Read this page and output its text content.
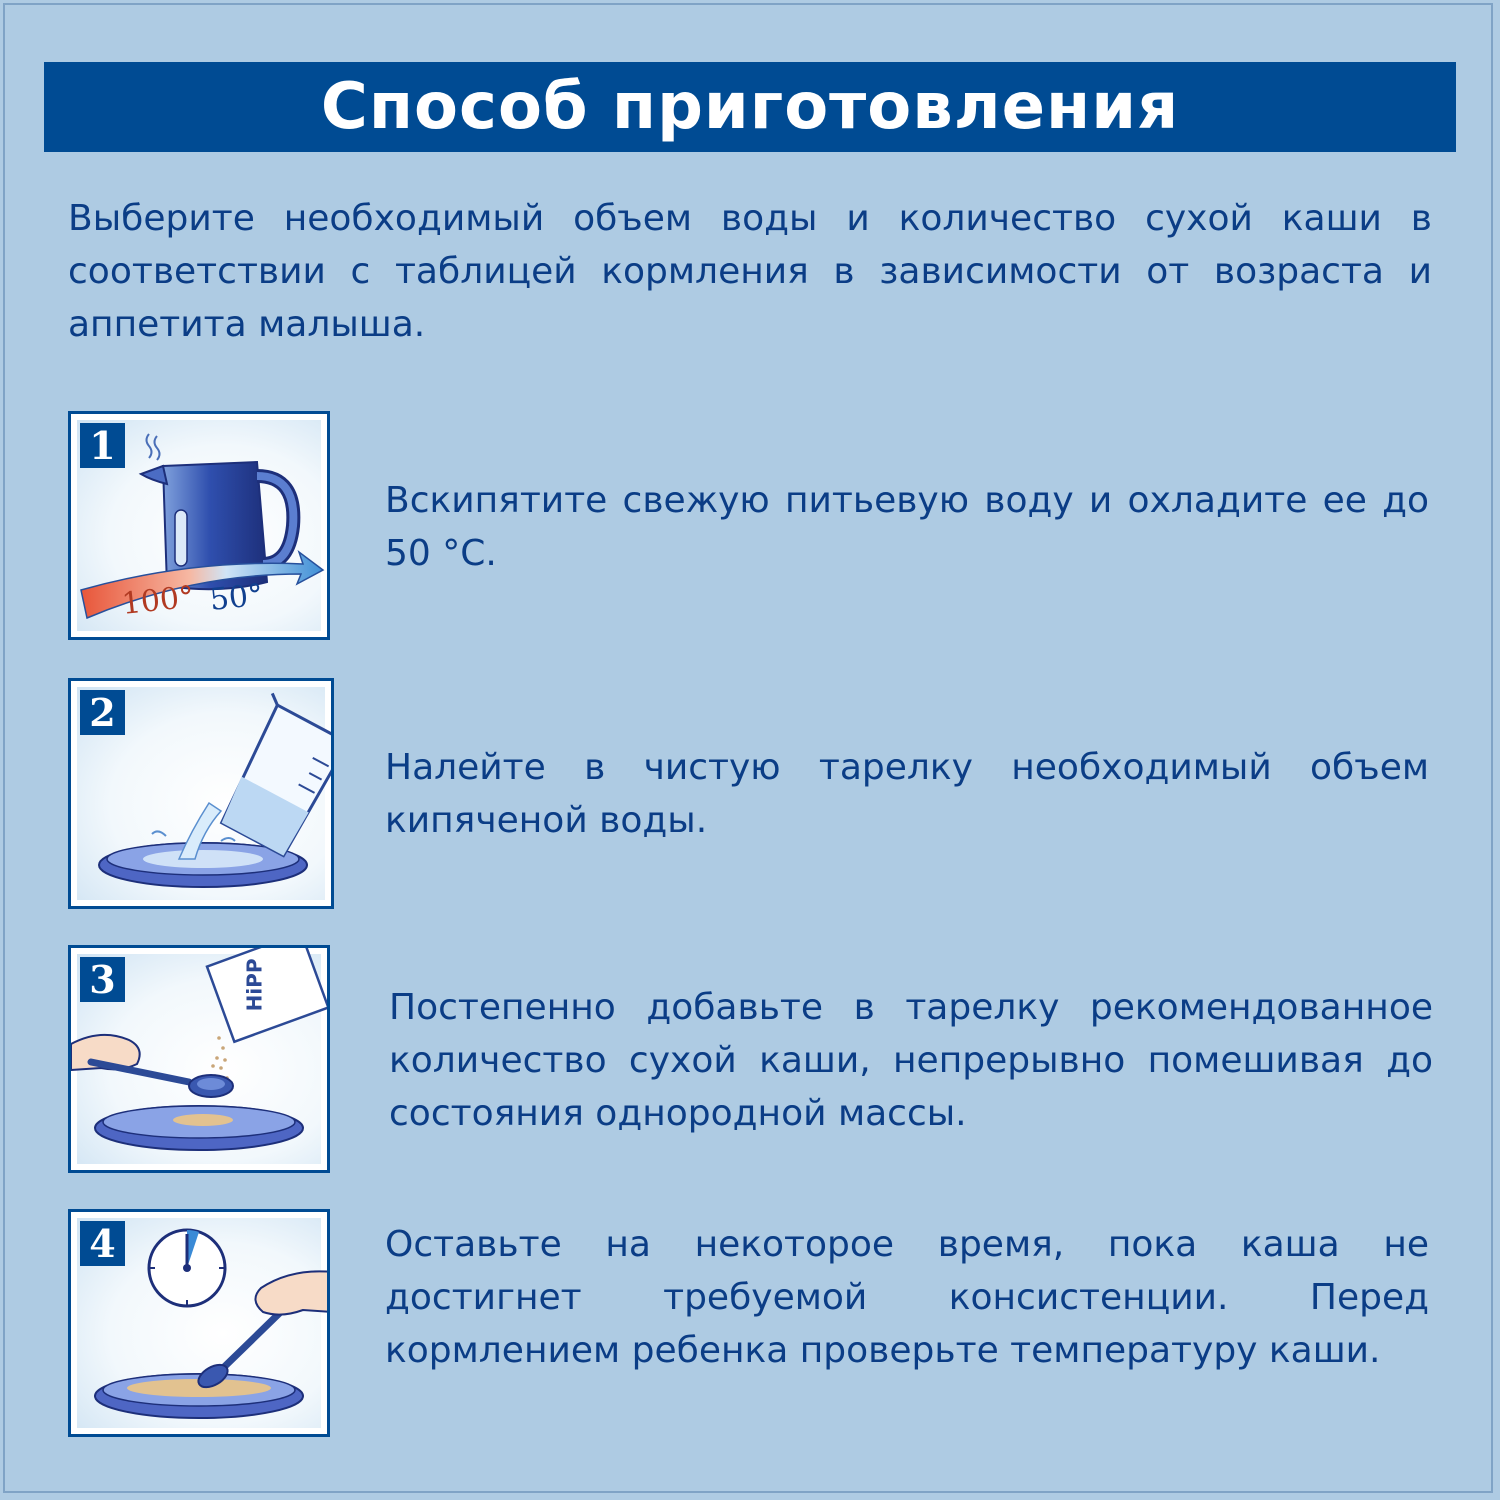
Способ приготовления

Выберите необходимый объем воды и количество сухой каши в соответствии с таблицей кормления в зависимости от возраста и аппетита малыша.

1
100° 50°

Вскипятите свежую питьевую воду и охладите ее до 50 °C.

2

Налейте в чистую тарелку необходимый объем кипяченой воды.

3	HiPP	Постепенно добавьте в тарелку рекомендованное количество сухой каши, непрерывно помешивая до состояния однородной массы.

4	Оставьте на некоторое время, пока каша не достигнет требуемой консистенции. Перед кормлением ребенка проверьте температуру каши.
